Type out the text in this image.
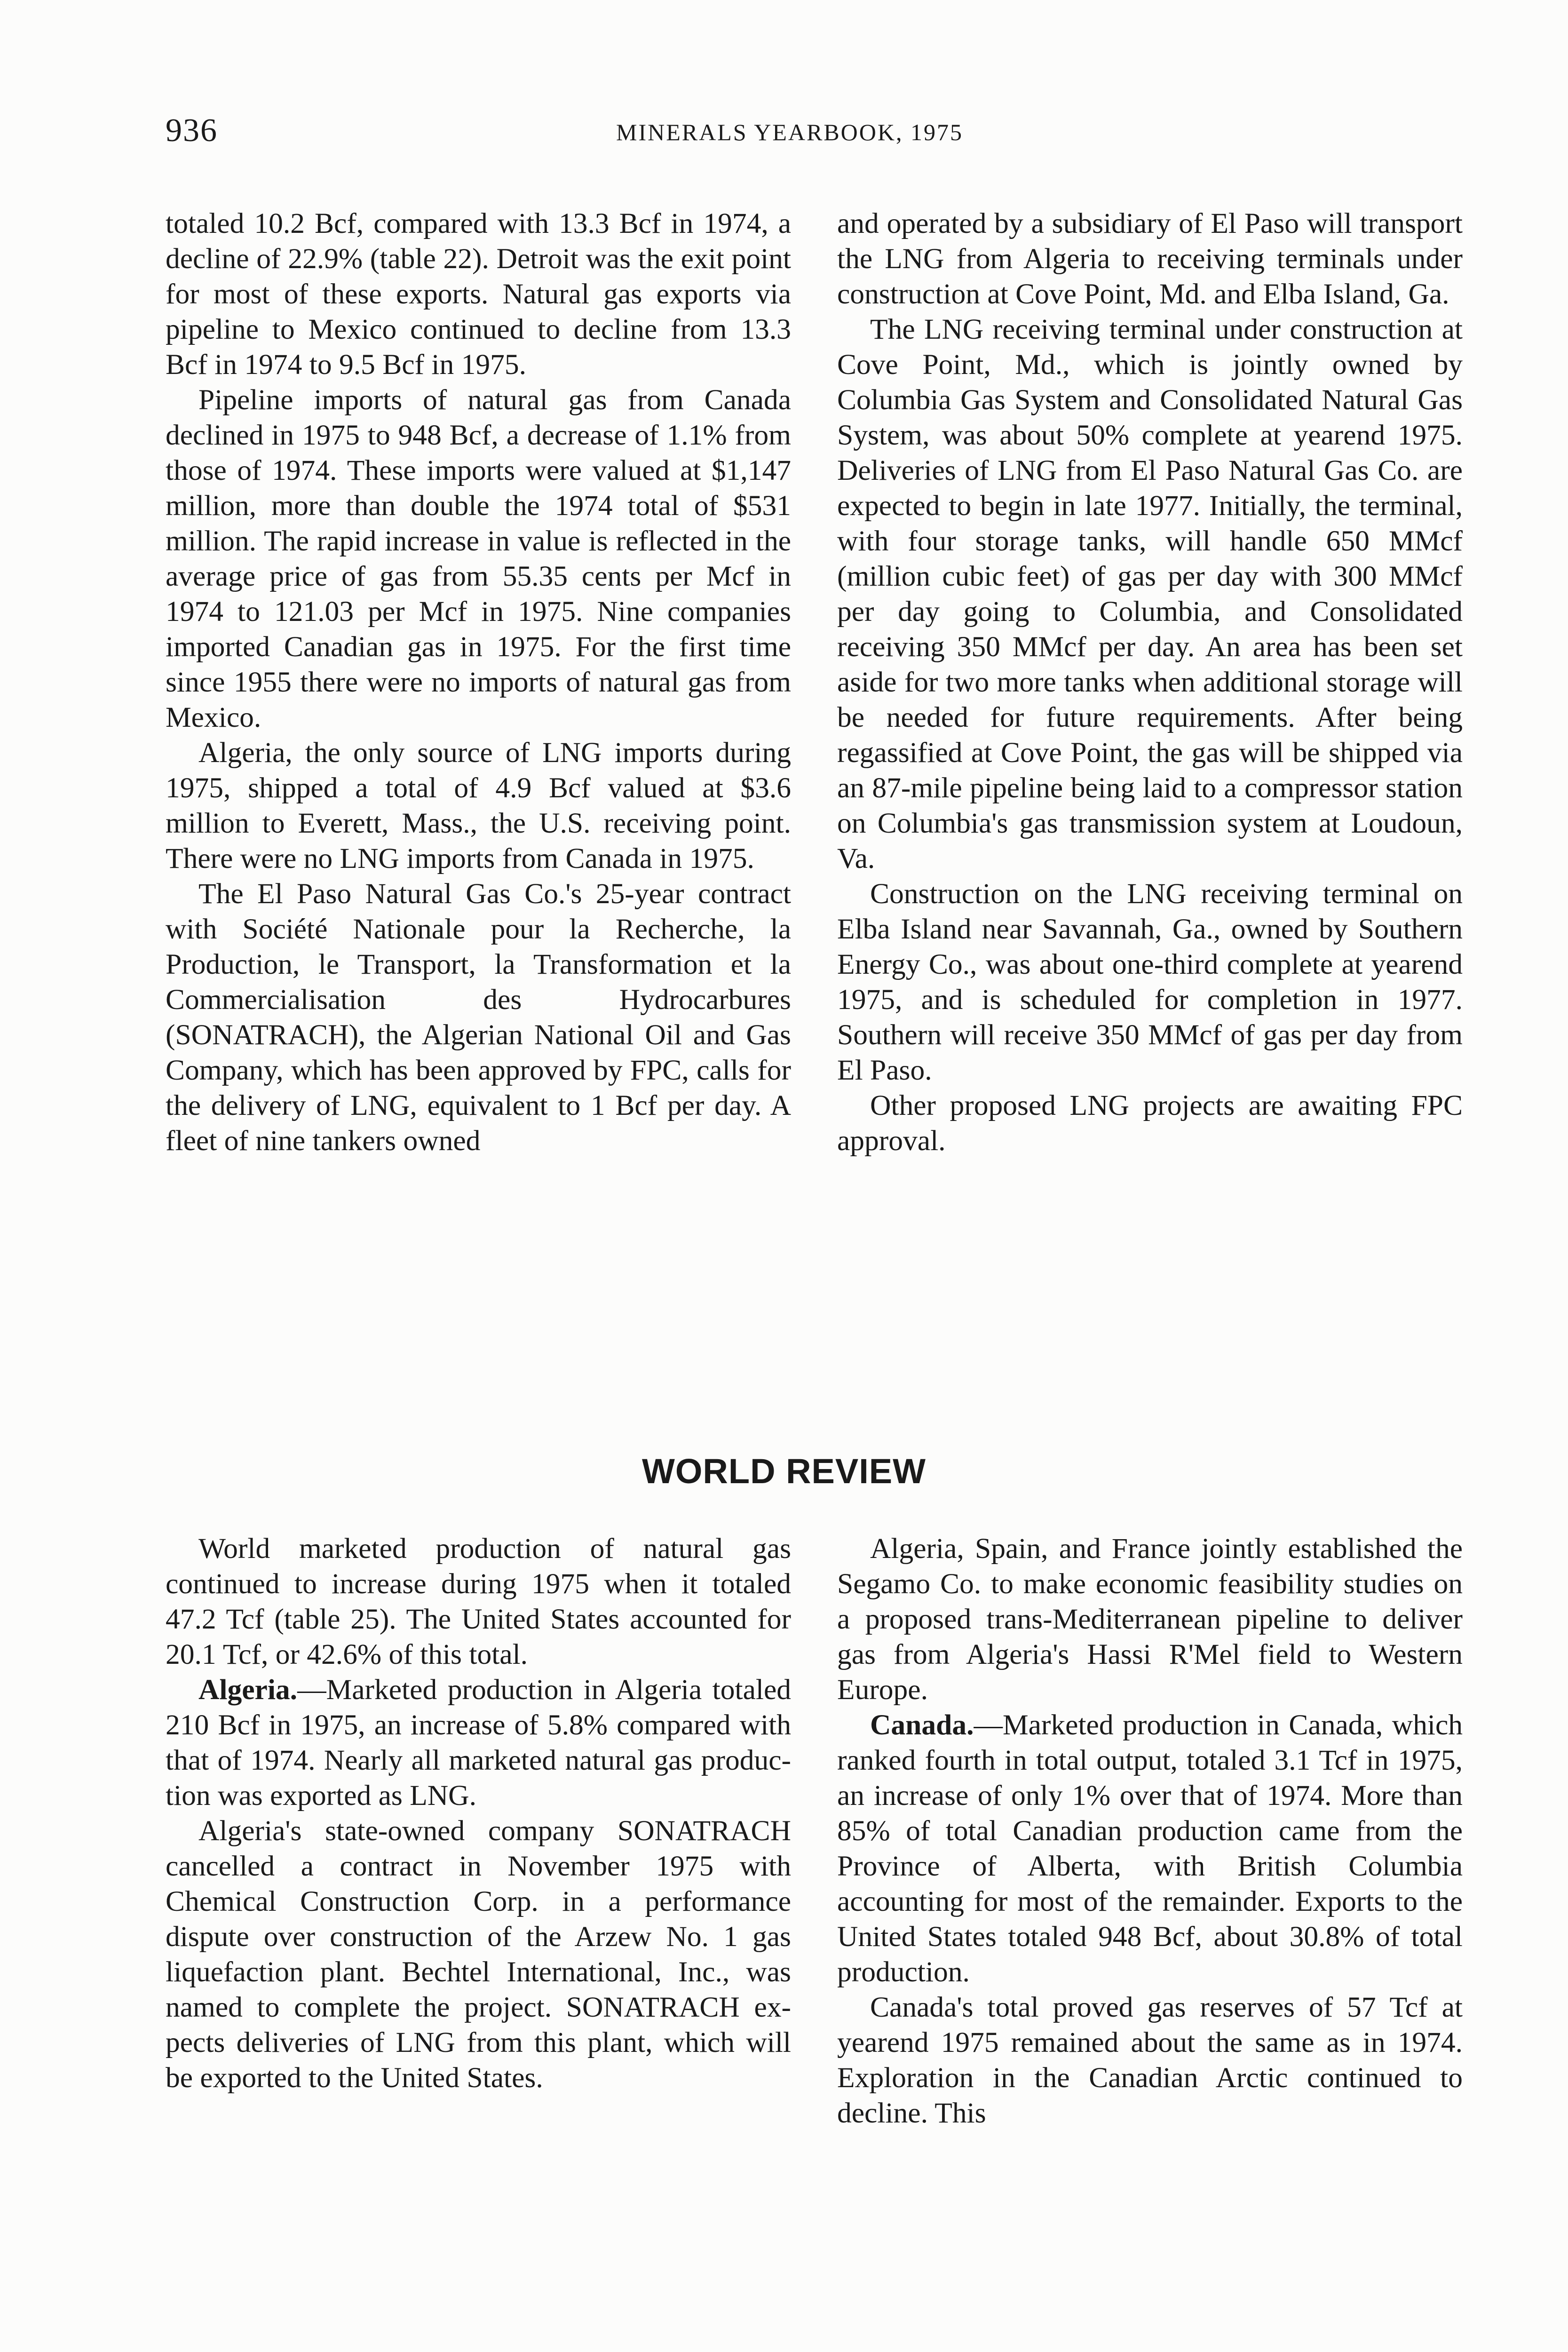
936	MINERALS YEARBOOK, 1975

totaled 10.2 Bcf, compared with 13.3 Bcf in 1974, a decline of 22.9% (table 22). Detroit was the exit point for most of these exports. Natural gas exports via pipeline to Mexico continued to decline from 13.3 Bcf in 1974 to 9.5 Bcf in 1975.

Pipeline imports of natural gas from Canada declined in 1975 to 948 Bcf, a decrease of 1.1% from those of 1974. These imports were valued at $1,147 million, more than double the 1974 total of $531 million. The rapid increase in value is reflected in the average price of gas from 55.35 cents per Mcf in 1974 to 121.03 per Mcf in 1975. Nine companies imported Canadian gas in 1975. For the first time since 1955 there were no imports of natural gas from Mexico.

Algeria, the only source of LNG imports during 1975, shipped a total of 4.9 Bcf valued at $3.6 million to Everett, Mass., the U.S. receiving point. There were no LNG imports from Canada in 1975.

The El Paso Natural Gas Co.'s 25-year contract with Société Nationale pour la Recherche, la Production, le Transport, la Transformation et la Commercialisation des Hydrocarbures (SONATRACH), the Algerian National Oil and Gas Company, which has been approved by FPC, calls for the delivery of LNG, equivalent to 1 Bcf per day. A fleet of nine tankers owned

and operated by a subsidiary of El Paso will transport the LNG from Algeria to receiving terminals under construction at Cove Point, Md. and Elba Island, Ga.

The LNG receiving terminal under construction at Cove Point, Md., which is jointly owned by Columbia Gas System and Consolidated Natural Gas System, was about 50% complete at yearend 1975. Deliveries of LNG from El Paso Natural Gas Co. are expected to begin in late 1977. Initially, the terminal, with four storage tanks, will handle 650 MMcf (million cubic feet) of gas per day with 300 MMcf per day going to Columbia, and Consolidated receiving 350 MMcf per day. An area has been set aside for two more tanks when additional storage will be needed for future requirements. After being regassified at Cove Point, the gas will be shipped via an 87-mile pipeline being laid to a compressor station on Columbia's gas transmission system at Loudoun, Va.

Construction on the LNG receiving terminal on Elba Island near Savannah, Ga., owned by Southern Energy Co., was about one-third complete at yearend 1975, and is scheduled for completion in 1977. Southern will receive 350 MMcf of gas per day from El Paso.

Other proposed LNG projects are awaiting FPC approval.

WORLD REVIEW

World marketed production of natural gas continued to increase during 1975 when it totaled 47.2 Tcf (table 25). The United States accounted for 20.1 Tcf, or 42.6% of this total.

Algeria.—Marketed production in Algeria totaled 210 Bcf in 1975, an increase of 5.8% compared with that of 1974. Nearly all marketed natural gas production was exported as LNG.

Algeria's state-owned company SONATRACH cancelled a contract in November 1975 with Chemical Construction Corp. in a performance dispute over construction of the Arzew No. 1 gas liquefaction plant. Bechtel International, Inc., was named to complete the project. SONATRACH expects deliveries of LNG from this plant, which will be exported to the United States.

Algeria, Spain, and France jointly established the Segamo Co. to make economic feasibility studies on a proposed trans-Mediterranean pipeline to deliver gas from Algeria's Hassi R'Mel field to Western Europe.

Canada.—Marketed production in Canada, which ranked fourth in total output, totaled 3.1 Tcf in 1975, an increase of only 1% over that of 1974. More than 85% of total Canadian production came from the Province of Alberta, with British Columbia accounting for most of the remainder. Exports to the United States totaled 948 Bcf, about 30.8% of total production.

Canada's total proved gas reserves of 57 Tcf at yearend 1975 remained about the same as in 1974. Exploration in the Canadian Arctic continued to decline. This
